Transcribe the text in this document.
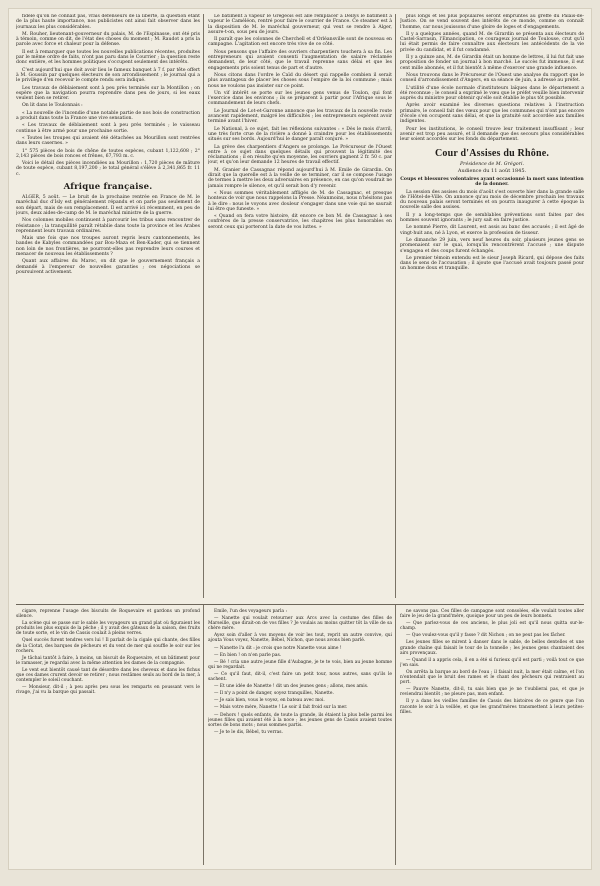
fidèle qu'on ne connaît pas, vrais défenseurs de la liberté, la question étant de la plus haute importance, nos publicistes ont ainsi fait observer dans les journaux les plus considérables.

M. Rouher, lieutenant-gouverneur du palais, M. de l'Espinasse, ont été pris à témoin, comme on dit, de l'état des choses du moment ; M. Raudot a pris la parole avec force et chaleur pour la défense.

Il est à remarquer que toutes les nouvelles publications récentes, produites par le même ordre de faits, n'ont pas paru dans le Courrier ; la question reste donc entière, et les hommes politiques s'occupent seulement des intérêts.

C'est aujourd'hui que doit avoir lieu le fameux banquet à 7 f. par tête offert à M. Goussin par quelques électeurs de son arrondissement ; le journal qui a le privilège d'en recevoir le compte rendu sera indiqué.

Les travaux de déblaiement sont à peu près terminés sur la Montillon ; on espère que la navigation pourra reprendre dans peu de jours, si les eaux veulent bien se retirer.

On lit dans le Toulonnais :

« La nouvelle de l'incendie d'une notable partie de nos bois de construction a produit dans toute la France une vive sensation.

« Les travaux de déblaiement sont à peu près terminés ; le vaisseau continue à être armé pour une prochaine sortie.

« Toutes les troupes qui avaient été détachées au Mourillon sont rentrées dans leurs casernes. »

1° 575 pièces de bois de chêne de toutes espèces, cubant 1,122,608 ; 2° 2,143 pièces de bois ronces et frênes, 67,793 m. c.

Voici le détail des pièces incendiées au Mourillon : 1,720 pièces de mâture de toute espèce, cubant 8,197,200 ; le total général s'élève à 2,341,865 fr. 11 c.

Afrique française.

ALGER, 5 août. — Le bruit de la prochaine rentrée en France de M. le maréchal duc d'Isly est généralement répandu et on parle pas seulement de son départ, mais de son remplacement. Il est arrivé ici récemment, en peu de jours, deux aides-de-camp de M. le maréchal ministre de la guerre.

Nos colonnes mobiles continuent à parcourir les tribus sans rencontrer de résistance ; la tranquillité paraît rétablie dans toute la province et les Arabes reprennent leurs travaux ordinaires.

Mais une fois que nos troupes auront repris leurs cantonnements, les bandes de Kabyles commandées par Bou-Maza et Ben-Kader, qui se tiennent non loin de nos frontières, ne pourront-elles pas reprendre leurs courses et menacer de nouveau les établissements ?

Quant aux affaires du Maroc, on dit que le gouvernement français a demandé à l'empereur de nouvelles garanties ; ces négociations se poursuivent activement.

Le bâtiment à vapeur le Grégeois est allé remplacer à Dellys le bâtiment à vapeur le Caméléon, rentré pour faire le courrier de France. Ce steamer est à la disposition de M. le maréchal gouverneur, qui veut se rendre à Alger, assure-t-on, sous peu de jours.

Il paraît que les colonnes de Cherchell et d'Orléansville sont de nouveau en campagne. L'agitation est encore très vive de ce côté.

Nous pensons que l'affaire des ouvriers charpentiers touchera à sa fin. Les entrepreneurs qui avaient consenti l'augmentation de salaire réclamée demandent, de leur côté, que le travail reprenne sans délai et que les engagements pris soient tenus de part et d'autre.

Nous citons dans l'ordre le Caïd du désert qui rappelle combien il serait plus avantageux de placer les choses sous l'empire de la loi commune ; mais nous ne voulons pas insister sur ce point.

Un vif intérêt se porte sur les jeunes gens venus de Toulon, qui font l'exercice dans les environs ; ils se préparent à partir pour l'Afrique sous le commandement de leurs chefs.

Le Journal de Lot-et-Garonne annonce que les travaux de la nouvelle route avancent rapidement, malgré les difficultés ; les entrepreneurs espèrent avoir terminé avant l'hiver.

Le National, à ce sujet, fait les réflexions suivantes : « Dès le mois d'avril, une très forte crue de la rivière a donné à craindre pour les établissements situés sur ses bords. Aujourd'hui le danger paraît conjuré. »

La grève des charpentiers d'Angers se prolonge. Le Précurseur de l'Ouest entre à ce sujet dans quelques détails qui prouvent la légitimité des réclamations ; il en résulte qu'en moyenne, les ouvriers gagnent 2 fr. 50 c. par jour, et qu'on leur demande 12 heures de travail effectif.

M. Granier de Cassagnac répond aujourd'hui à M. Emile de Girardin. On dirait que la querelle est à la veille de se terminer, car il se compose l'usage de termes à mettre les deux adversaires en présence, en cas qu'on voudrait ne jamais rompre le silence, et qu'il serait bon d'y revenir.

« Nous sommes véritablement affligés de M. de Cassagnac, et presque honteux de voir que nous rappelons la Presse. Néanmoins, nous n'hésitons pas à le dire : nous le voyons avec douleur s'engager dans une voie qui ne saurait lui être que funeste. »

« Quand on fera votre histoire, dit encore ce bon M. de Cassagnac à ses confrères de la presse conservatrice, les chapitres les plus honorables en seront ceux qui porteront la date de vos luttes. »

plus longs et les plus populaires seront empruntés au greffe du Palais-de-Justice. On se vend souvent des intérêts de ce monde, comme on connaît l'homme, car nous jouissons d'une gloire de loges et d'engagements.

Il y a quelques années, quand M. de Girardin se présenta aux électeurs de Castel-Sarrasin, l'Emancipation, ce courageux journal de Toulouse, crut qu'il lui était permis de faire connaître aux électeurs les antécédents de la vie privée du candidat, et il fut condamné.

Il y a quinze ans, M. de Girardin était un homme de lettres, il lui fut fait une proposition de fonder un journal à bon marché. Le succès fut immense, il eut cent mille abonnés, et il fut bientôt à même d'exercer une grande influence.

Nous trouvons dans le Précurseur de l'Ouest une analyse du rapport que le conseil d'arrondissement d'Angers, en sa séance de juin, a adressé au préfet.

L'utilité d'une école normale d'instituteurs laïques dans le département a été reconnue ; le conseil a exprimé le vœu que le préfet veuille bien intervenir auprès du ministre pour obtenir qu'elle soit établie le plus tôt possible.

Après avoir examiné les diverses questions relatives à l'instruction primaire, le conseil fait des vœux pour que les communes qui n'ont pas encore d'école s'en occupent sans délai, et que la gratuité soit accordée aux familles indigentes.

Pour les institutions, le conseil trouve leur traitement insuffisant ; leur avenir est trop peu assuré, et il demande que des secours plus considérables leur soient accordés sur les fonds du département.

Cour d'Assises du Rhône.
Présidence de M. Grégori.
Audience du 11 août 1845.
Coups et blessures volontaires ayant occasionné la mort sans intention de la donner.

La session des assises du mois d'août s'est ouverte hier dans la grande salle de l'Hôtel-de-Ville. On annonce qu'au mois de décembre prochain les travaux du nouveau palais seront terminés et on pourra inaugurer à cette époque la nouvelle salle des assises.

Il y a long-temps que de semblables préventions sont faites par des hommes souvent ignorants ; le jury sait en faire justice.

Le nommé Pierre, dit Laurent, est assis au banc des accusés ; il est âgé de vingt-huit ans, né à Lyon, et exerce la profession de tisseur.

Le dimanche 29 juin, vers neuf heures du soir, plusieurs jeunes gens se promenaient sur le quai, lorsqu'ils rencontrèrent l'accusé ; une dispute s'engagea et des coups furent échangés.

Le premier témoin entendu est le sieur Joseph Ricard, qui dépose des faits dans le sens de l'accusation ; il ajoute que l'accusé avait toujours passé pour un homme doux et tranquille.

cigare, reprenne l'usage des biscuits de Roquevaire et gardons un profond silence.

La scène qui se passe sur le sable les voyageurs un grand plat où figuraient les produits les plus exquis de la pêche ; il y avait des gâteaux de la saison, des fruits de toute sorte, et le vin de Cassis coulait à pleins verres.

Quel succès furent tendres vers lui ! Il parlait de la cigale qui chante, des filles de la Ciotat, des barques de pêcheurs et du vent de mer qui souffle le soir sur les rochers.

Je tâchai tantôt à faire, à moins, un biscuit de Roquevaire, et un bâtiment pour le ramasser, je regardai avec la même attention les dames de la compagnie.

Le vent eut bientôt causé tant de désordre dans les cheveux et dans les fichus que ces dames crurent devoir se retirer ; nous restâmes seuls au bord de la mer, à contempler le soleil couchant.

— Monsieur, dit-il ; à peu après peu sous les remparts en poussant vers le rivage, j'ai vu la barque qui passait.

Emile, l'un des voyageurs parla :

— Nanette qui voulait retourner aux Arcs avec la costume des filles de Marseille, que dirait-on de vos filles ? Je voulais au moins quitter tôt la ville de sa chère mère.

Ayez soin d'aller à vos moyens de voir les tout, reprit un autre convive, qui ajouta Vous voyez, Nanette, Bébel, Nichon, que nous avons bien parlé.

— Nanette l'a dit : je crois que notre Nanette vous aime !

— En bien ! on n'en parle pas.

— Bé ! cria une autre jeune fille d'Aubagne, je te te vois, bien au jeune homme qui ne regardait.

— Ce qu'il faut, dit-il, c'est faire un petit tour, nous autres, sans qu'ils le sachent.

— Et une idée de Nanette ! dit un des jeunes gens ; allons, mes amis.

— Il n'y a point de danger, soyez tranquilles, Nanette.

— Je sais bien, vous le voyez, en bateau avec moi.

— Mais votre mère, Nanette ! Le soir il fait froid sur la mer.

— Dehors ! quels enfants, de toute la grande, ils étaient la plus belle parmi les jeunes filles qui avaient été à la noce ; les jeunes gens de Cassis avaient toutes sortes de bons mots ; nous sommes partis.

— Je te le dis, Bébel, tu verras.

ne savons pas. Ces filles de campagne sont consolées, elle voulait toutes aller faire le jeu de la grand'mère, quoique pour un peu de leurs bonnets.

— Que parlez-vous de ces anciens, le plus joli est qu'il nous quitta sur-le-champ.

— Que voulez-vous qu'il y fasse ? dit Nichon ; on ne peut pas les fâcher.

Les jeunes filles se mirent à danser dans le sable, de belles dentelles et une grande chaîne qui faisait le tour de la tonnelle ; les jeunes gens chantaient des airs provençaux.

— Quand il a appris cela, il en a été si furieux qu'il est parti ; voilà tout ce que j'en sais.

On arrêta la barque au bord de l'eau ; il faisait nuit, la mer était calme, et l'on n'entendait que le bruit des rames et le chant des pêcheurs qui rentraient au port.

— Pauvre Nanette, dit-il, tu sais bien que je ne t'oublierai pas, et que je reviendrai bientôt ; ne pleure pas, mon enfant.

Il y a dans les vieilles familles de Cassis des histoires de ce genre que l'on raconte le soir à la veillée, et que les grand'mères transmettent à leurs petites-filles.
